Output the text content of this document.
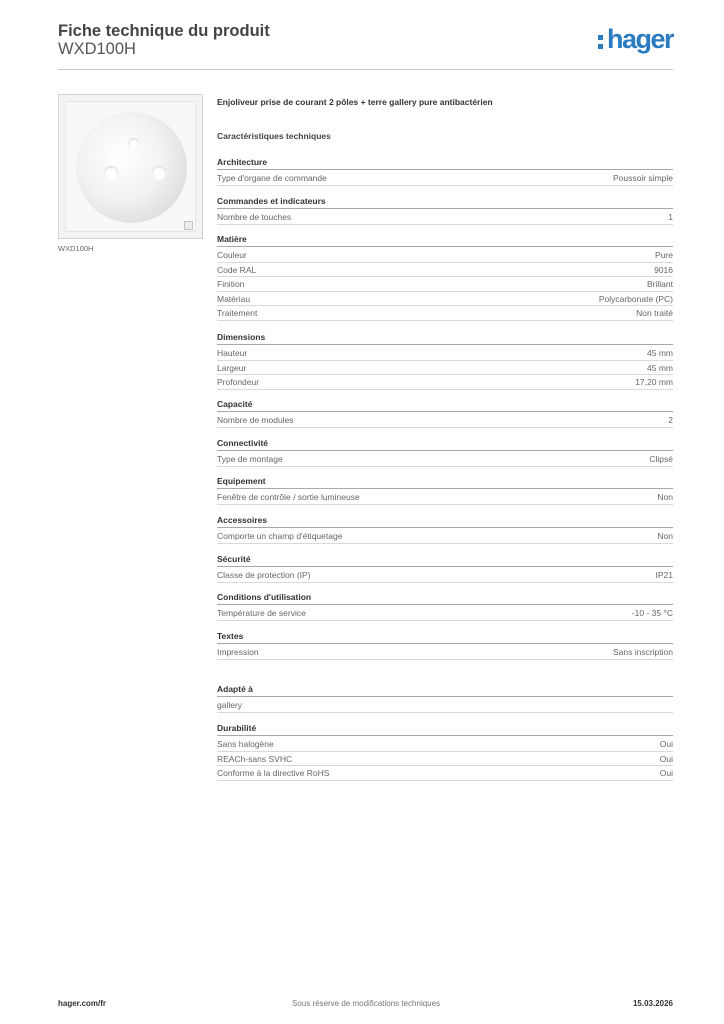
Fiche technique du produit
WXD100H	hager
WXD100H
Enjoliveur prise de courant 2 pôles + terre gallery pure antibactérien
Caractéristiques techniques
Architecture
Type d'organe de commande	Poussoir simple
Commandes et indicateurs
Nombre de touches	1
Matière
Couleur	Pure
Code RAL	9016
Finition	Brillant
Matériau	Polycarbonate (PC)
Traitement	Non traité
Dimensions
Hauteur	45 mm
Largeur	45 mm
Profondeur	17,20 mm
Capacité
Nombre de modules	2
Connectivité
Type de montage	Clipsé
Equipement
Fenêtre de contrôle / sortie lumineuse	Non
Accessoires
Comporte un champ d'étiquetage	Non
Sécurité
Classe de protection (IP)	IP21
Conditions d'utilisation
Température de service	-10 - 35 °C
Textes
Impression	Sans inscription
Adapté à
gallery
Durabilité
Sans halogène	Oui
REACh-sans SVHC	Oui
Conforme à la directive RoHS	Oui
hager.com/fr	Sous réserve de modifications techniques	15.03.2026
